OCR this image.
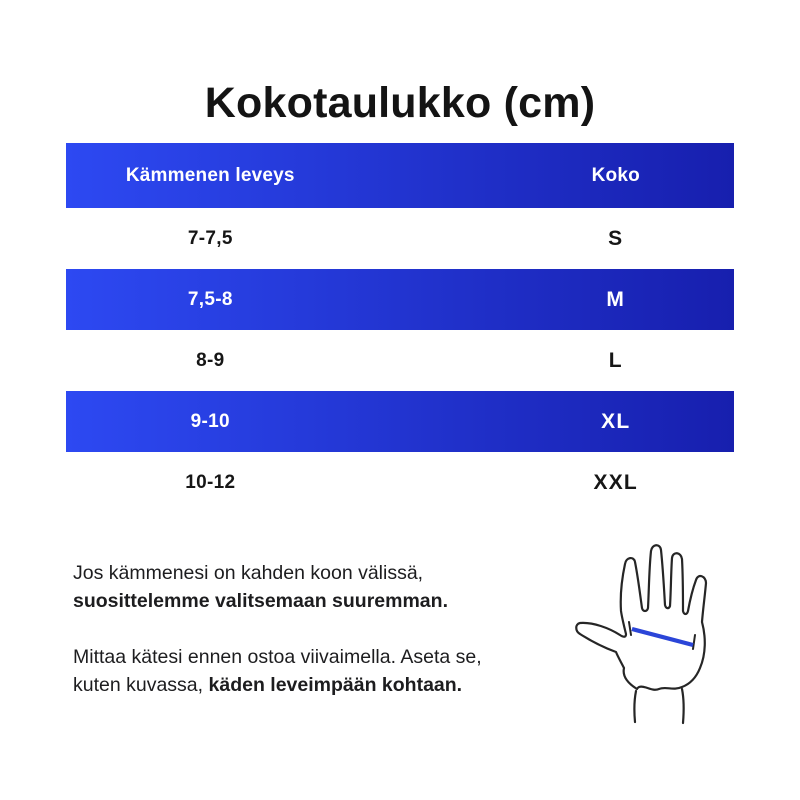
Kokotaulukko (cm)
Kämmenen leveys	Koko
7-7,5	S
7,5-8	M
8-9	L
9-10	XL
10-12	XXL

Jos kämmenesi on kahden koon välissä,
suosittelemme valitsemaan suuremman.

Mittaa kätesi ennen ostoa viivaimella. Aseta se,
kuten kuvassa, käden leveimpään kohtaan.
